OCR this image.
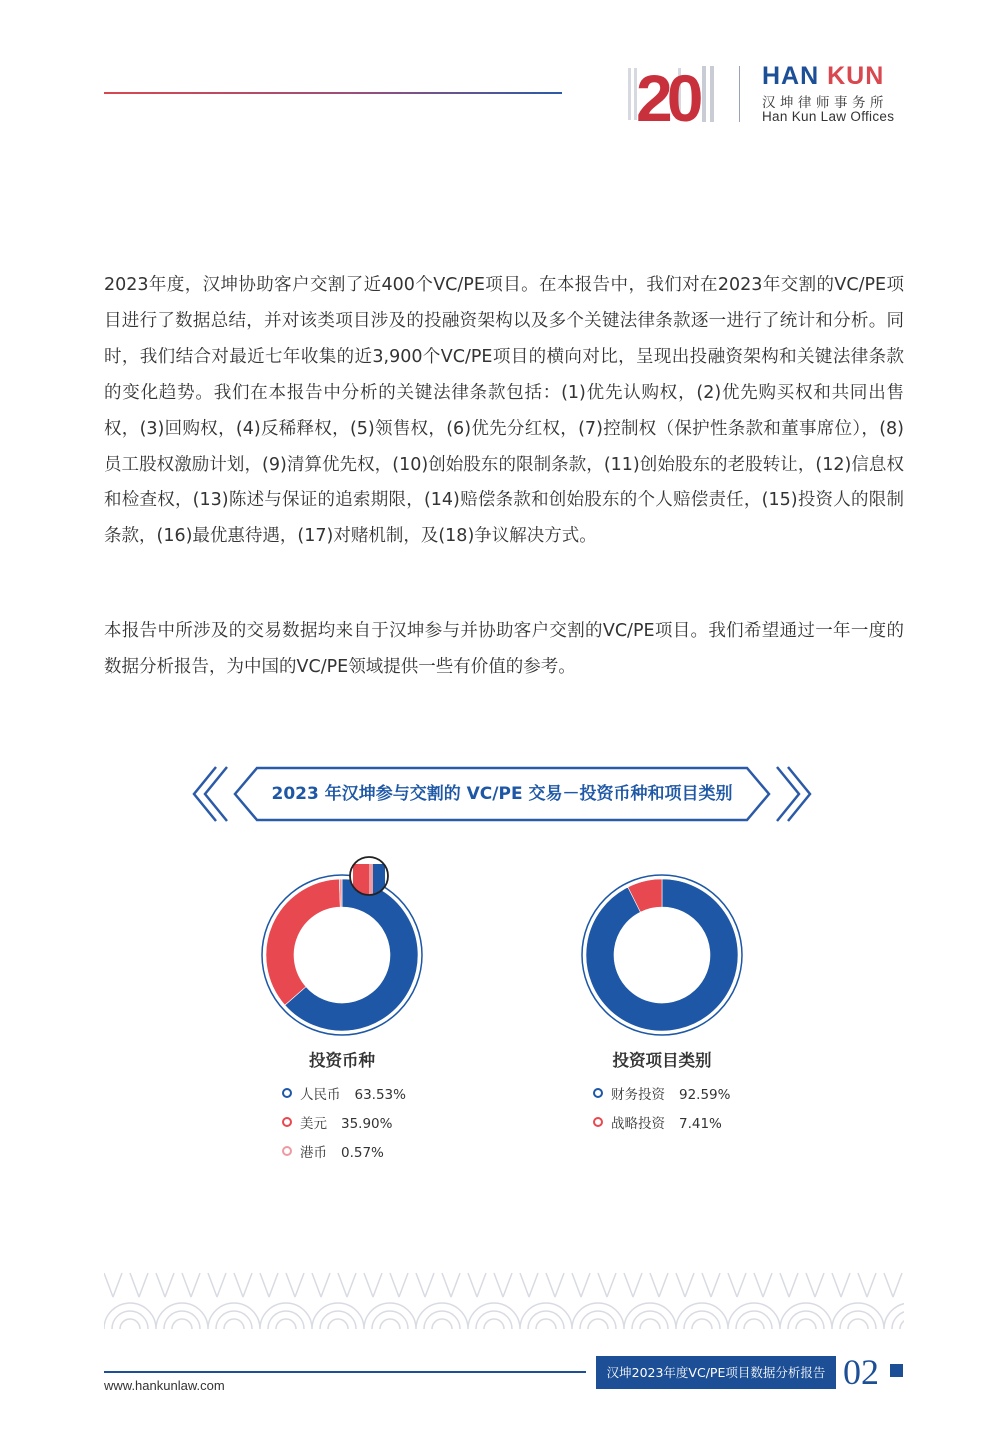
20	HAN KUN
汉坤律师事务所
Han Kun Law Offices

2023年度，汉坤协助客户交割了近400个VC/PE项目。在本报告中，我们对在2023年交割的VC/PE项目进行了数据总结，并对该类项目涉及的投融资架构以及多个关键法律条款逐一进行了统计和分析。同时，我们结合对最近七年收集的近3,900个VC/PE项目的横向对比，呈现出投融资架构和关键法律条款的变化趋势。我们在本报告中分析的关键法律条款包括：(1)优先认购权，(2)优先购买权和共同出售权，(3)回购权，(4)反稀释权，(5)领售权，(6)优先分红权，(7)控制权（保护性条款和董事席位），(8)员工股权激励计划，(9)清算优先权，(10)创始股东的限制条款，(11)创始股东的老股转让，(12)信息权和检查权，(13)陈述与保证的追索期限，(14)赔偿条款和创始股东的个人赔偿责任，(15)投资人的限制条款，(16)最优惠待遇，(17)对赌机制，及(18)争议解决方式。

本报告中所涉及的交易数据均来自于汉坤参与并协助客户交割的VC/PE项目。我们希望通过一年一度的数据分析报告，为中国的VC/PE领域提供一些有价值的参考。

2023 年汉坤参与交割的 VC/PE 交易－投资币种和项目类别

投资币种

人民币 63.53%
美元 35.90%
港币 0.57%

投资项目类别

财务投资 92.59%
战略投资 7.41%
www.hankunlaw.com
汉坤2023年度VC/PE项目数据分析报告 02
